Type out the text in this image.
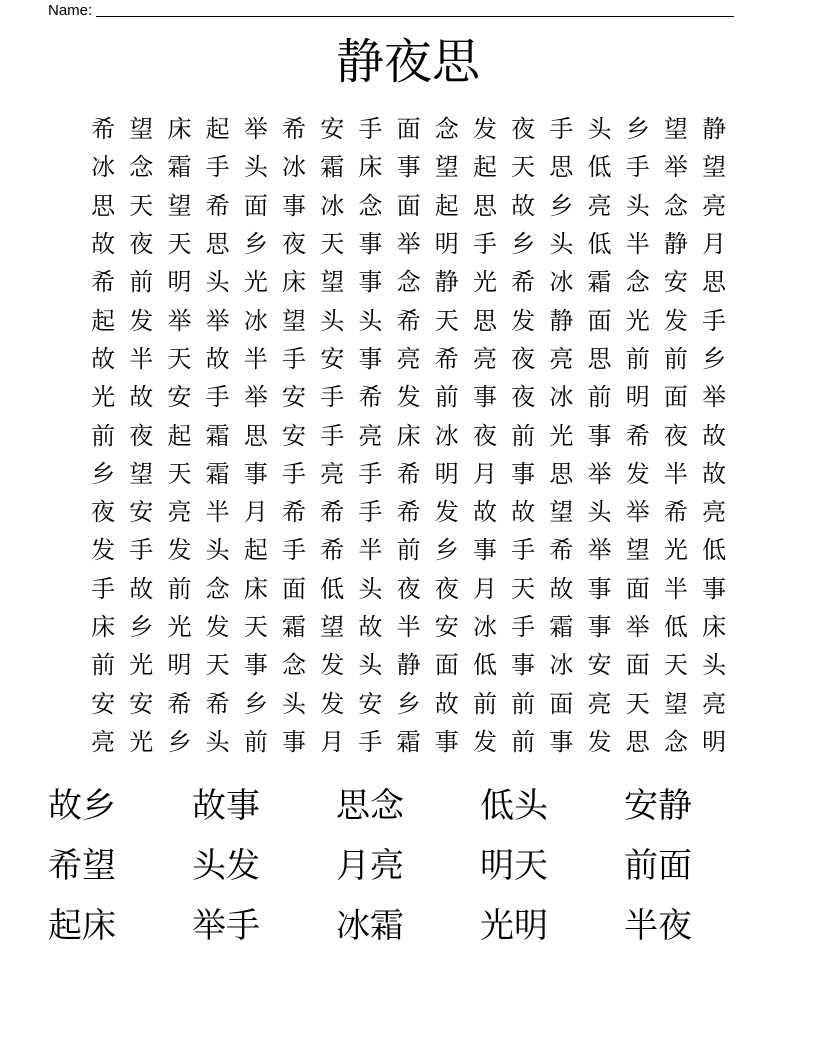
Name:
静夜思
希 望 床 起 举 希 安 手 面 念 发 夜 手 头 乡 望 静
冰 念 霜 手 头 冰 霜 床 事 望 起 天 思 低 手 举 望
思 天 望 希 面 事 冰 念 面 起 思 故 乡 亮 头 念 亮
故 夜 天 思 乡 夜 天 事 举 明 手 乡 头 低 半 静 月
希 前 明 头 光 床 望 事 念 静 光 希 冰 霜 念 安 思
起 发 举 举 冰 望 头 头 希 天 思 发 静 面 光 发 手
故 半 天 故 半 手 安 事 亮 希 亮 夜 亮 思 前 前 乡
光 故 安 手 举 安 手 希 发 前 事 夜 冰 前 明 面 举
前 夜 起 霜 思 安 手 亮 床 冰 夜 前 光 事 希 夜 故
乡 望 天 霜 事 手 亮 手 希 明 月 事 思 举 发 半 故
夜 安 亮 半 月 希 希 手 希 发 故 故 望 头 举 希 亮
发 手 发 头 起 手 希 半 前 乡 事 手 希 举 望 光 低
手 故 前 念 床 面 低 头 夜 夜 月 天 故 事 面 半 事
床 乡 光 发 天 霜 望 故 半 安 冰 手 霜 事 举 低 床
前 光 明 天 事 念 发 头 静 面 低 事 冰 安 面 天 头
安 安 希 希 乡 头 发 安 乡 故 前 前 面 亮 天 望 亮
亮 光 乡 头 前 事 月 手 霜 事 发 前 事 发 思 念 明
故乡	故事	思念	低头	安静
希望	头发	月亮	明天	前面
起床	举手	冰霜	光明	半夜
